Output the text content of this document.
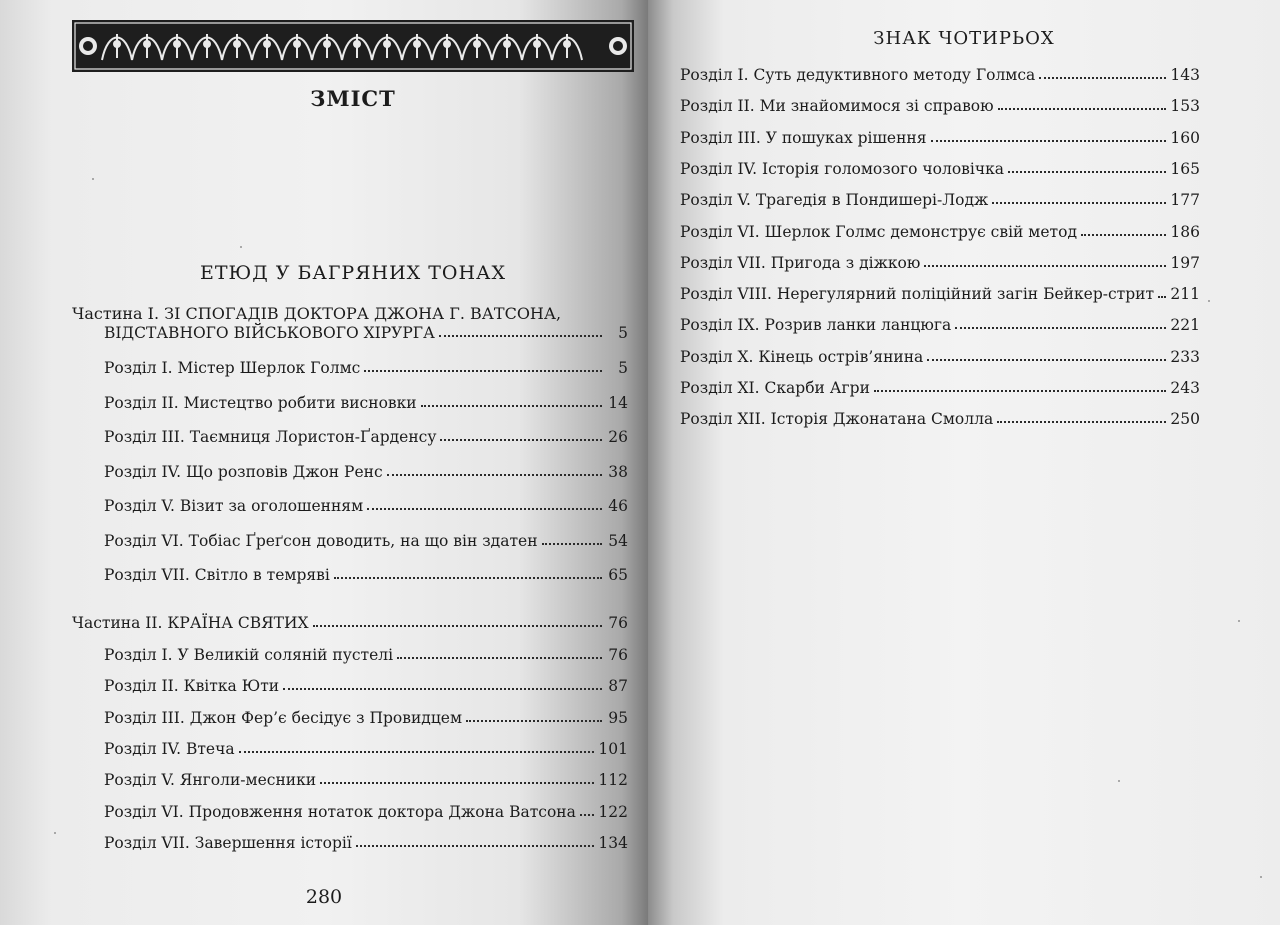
ЗМІСТ
ЕТЮД У БАГРЯНИХ ТОНАХ
Частина I. ЗІ СПОГАДІВ ДОКТОРА ДЖОНА Г. ВАТСОНА,
ВІДСТАВНОГО ВІЙСЬКОВОГО ХІРУРГА	5
Розділ I. Містер Шерлок Голмс	5
Розділ II. Мистецтво робити висновки	14
Розділ III. Таємниця Лористон-Ґарденсу	26
Розділ IV. Що розповів Джон Ренс	38
Розділ V. Візит за оголошенням	46
Розділ VI. Тобіас Ґреґсон доводить, на що він здатен	54
Розділ VII. Світло в темряві	65
Частина II. КРАЇНА СВЯТИХ	76
Розділ I. У Великій соляній пустелі	76
Розділ II. Квітка Юти	87
Розділ III. Джон Фер’є бесідує з Провидцем	95
Розділ IV. Втеча	101
Розділ V. Янголи-месники	112
Розділ VI. Продовження нотаток доктора Джона Ватсона 122
Розділ VII. Завершення історії	134
280
ЗНАК ЧОТИРЬОХ
Розділ I. Суть дедуктивного методу Голмса	143
Розділ II. Ми знайомимося зі справою	153
Розділ III. У пошуках рішення	160
Розділ IV. Історія голомозого чоловічка	165
Розділ V. Трагедія в Пондишері-Лодж	177
Розділ VI. Шерлок Голмс демонструє свій метод	186
Розділ VII. Пригода з діжкою	197
Розділ VIII. Нерегулярний поліційний загін Бейкер-стрит 211
Розділ IX. Розрив ланки ланцюга	221
Розділ X. Кінець острів’янина	233
Розділ XI. Скарби Агри	243
Розділ XII. Історія Джонатана Смолла	250
